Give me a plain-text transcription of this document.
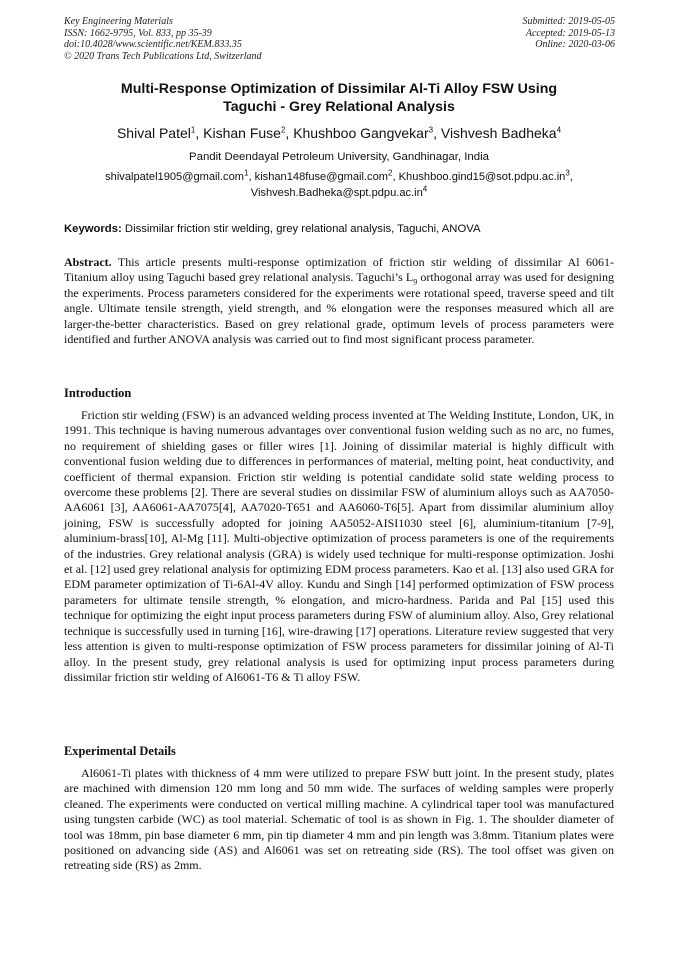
Key Engineering Materials
ISSN: 1662-9795, Vol. 833, pp 35-39
doi:10.4028/www.scientific.net/KEM.833.35
© 2020 Trans Tech Publications Ltd, Switzerland
Submitted: 2019-05-05
Accepted: 2019-05-13
Online: 2020-03-06
Multi-Response Optimization of Dissimilar Al-Ti Alloy FSW Using
Taguchi - Grey Relational Analysis
Shival Patel$^1$, Kishan Fuse$^2$, Khushboo Gangvekar$^3$, Vishvesh Badheka$^4$
Pandit Deendayal Petroleum University, Gandhinagar, India
shivalpatel1905@gmail.com$^1$, kishan148fuse@gmail.com$^2$, $Khushboo.gind15@sot.pdpu.ac.in^3$,
$Vishvesh.Badheka@spt.pdpu.ac.in^4$
Keywords: Dissimilar friction stir welding, grey relational analysis, Taguchi, ANOVA
Abstract. This article presents multi-response optimization of friction stir welding of dissimilar Al 6061- Titanium alloy using Taguchi based grey relational analysis. Taguchi’s $L_9$ orthogonal array was used for designing the experiments. Process parameters considered for the experiments were rotational speed, traverse speed and tilt angle. Ultimate tensile strength, yield strength, and % elongation were the responses measured which all are larger-the-better characteristics. Based on grey relational grade, optimum levels of process parameters were identified and further ANOVA analysis was carried out to find most significant process parameter.
Introduction
Friction stir welding (FSW) is an advanced welding process invented at The Welding Institute, London, UK, in 1991. This technique is having numerous advantages over conventional fusion welding such as no arc, no fumes, no requirement of shielding gases or filler wires [1]. Joining of dissimilar material is highly difficult with conventional fusion welding due to differences in performances of material, melting point, heat conductivity, and coefficient of thermal expansion. Friction stir welding is potential candidate solid state welding process to overcome these problems [2]. There are several studies on dissimilar FSW of aluminium alloys such as AA7050-AA6061 [3], AA6061-AA7075[4], AA7020-T651 and AA6060-T6[5]. Apart from dissimilar aluminium alloy joining, FSW is successfully adopted for joining AA5052-AISI1030 steel [6], aluminium-titanium [7-9], aluminium-brass[10], Al-Mg [11]. Multi-objective optimization of process parameters is one of the requirements of the industries. Grey relational analysis (GRA) is widely used technique for multi-response optimization. Joshi et al. [12] used grey relational analysis for optimizing EDM process parameters. Kao et al. [13] also used GRA for EDM parameter optimization of Ti-6Al-4V alloy. Kundu and Singh [14] performed optimization of FSW process parameters for ultimate tensile strength, % elongation, and micro-hardness. Parida and Pal [15] used this technique for optimizing the eight input process parameters during FSW of aluminium alloy. Also, Grey relational technique is successfully used in turning [16], wire-drawing [17] operations. Literature review suggested that very less attention is given to multi-response optimization of FSW process parameters for dissimilar joining of Al-Ti alloy. In the present study, grey relational analysis is used for optimizing input process parameters during dissimilar friction stir welding of Al6061-T6 & Ti alloy FSW.
Experimental Details
Al6061-Ti plates with thickness of 4 mm were utilized to prepare FSW butt joint. In the present study, plates are machined with dimension 120 mm long and 50 mm wide. The surfaces of welding samples were properly cleaned. The experiments were conducted on vertical milling machine. A cylindrical taper tool was manufactured using tungsten carbide (WC) as tool material. Schematic of tool is as shown in Fig. 1. The shoulder diameter of tool was 18mm, pin base diameter 6 mm, pin tip diameter 4 mm and pin length was 3.8mm. Titanium plates were positioned on advancing side (AS) and Al6061 was set on retreating side (RS). The tool offset was given on retreating side (RS) as 2mm.
